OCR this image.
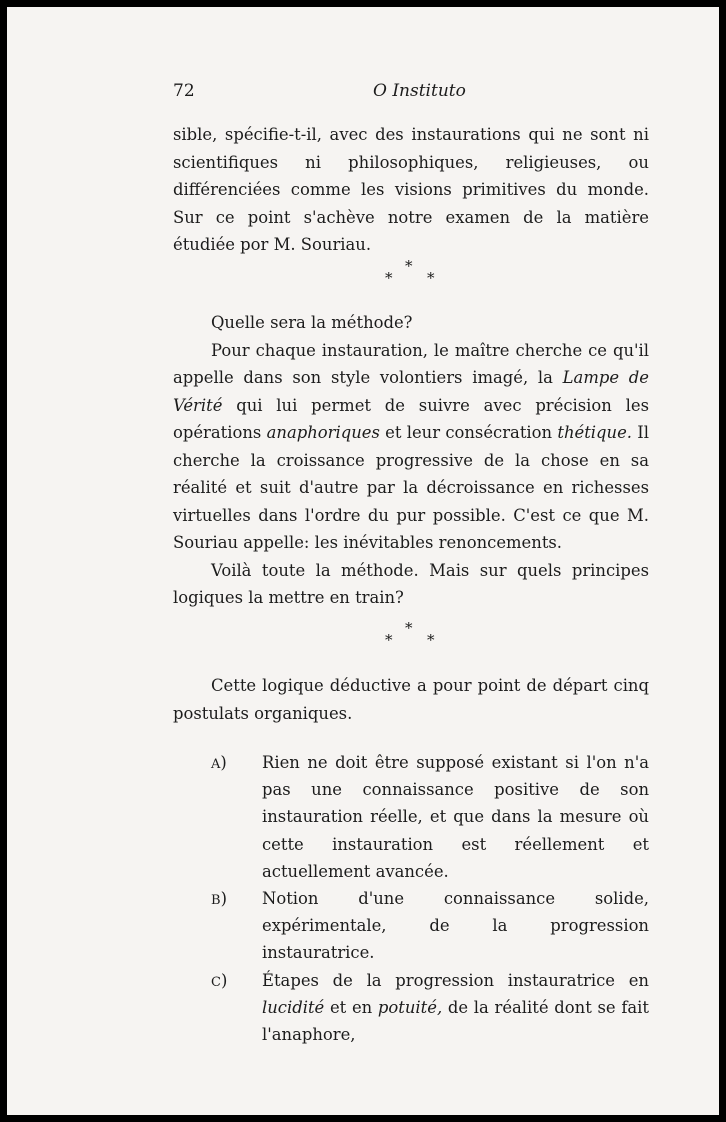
72	O Instituto

sible, spécifie-t-il, avec des instaurations qui ne sont ni scientifiques ni philosophiques, religieuses, ou différenciées comme les visions primitives du monde. Sur ce point s'achève notre examen de la matière étudiée por M. Souriau.

*
* *

Quelle sera la méthode?

Pour chaque instauration, le maître cherche ce qu'il appelle dans son style volontiers imagé, la Lampe de Vérité qui lui permet de suivre avec précision les opérations anaphoriques et leur consécration thétique. Il cherche la croissance progressive de la chose en sa réalité et suit d'autre par la décroissance en richesses virtuelles dans l'ordre du pur possible. C'est ce que M. Souriau appelle: les inévitables renoncements.

Voilà toute la méthode. Mais sur quels principes logiques la mettre en train?

*
* *

Cette logique déductive a pour point de départ cinq postulats organiques.

A) Rien ne doit être supposé existant si l'on n'a pas une connaissance positive de son instauration réelle, et que dans la mesure où cette instauration est réellement et actuellement avancée.
B) Notion d'une connaissance solide, expérimentale, de la progression instauratrice.
C) Étapes de la progression instauratrice en lucidité et en potuité, de la réalité dont se fait l'anaphore,
